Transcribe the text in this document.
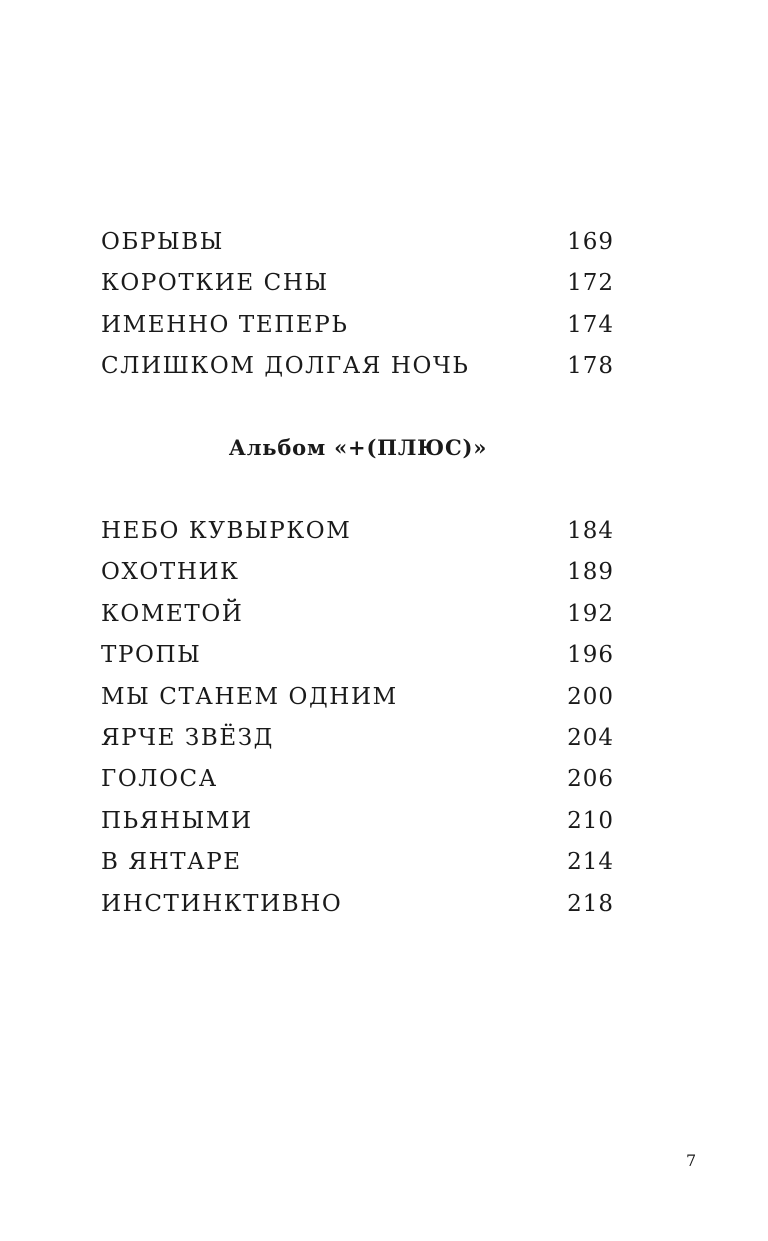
ОБРЫВЫ	169
КОРОТКИЕ СНЫ	172
ИМЕННО ТЕПЕРЬ	174
СЛИШКОМ ДОЛГАЯ НОЧЬ	178
Альбом «+(ПЛЮС)»
НЕБО КУВЫРКОМ	184
ОХОТНИК	189
КОМЕТОЙ	192
ТРОПЫ	196
МЫ СТАНЕМ ОДНИМ	200
ЯРЧЕ ЗВЁЗД	204
ГОЛОСА	206
ПЬЯНЫМИ	210
В ЯНТАРЕ	214
ИНСТИНКТИВНО	218
7
